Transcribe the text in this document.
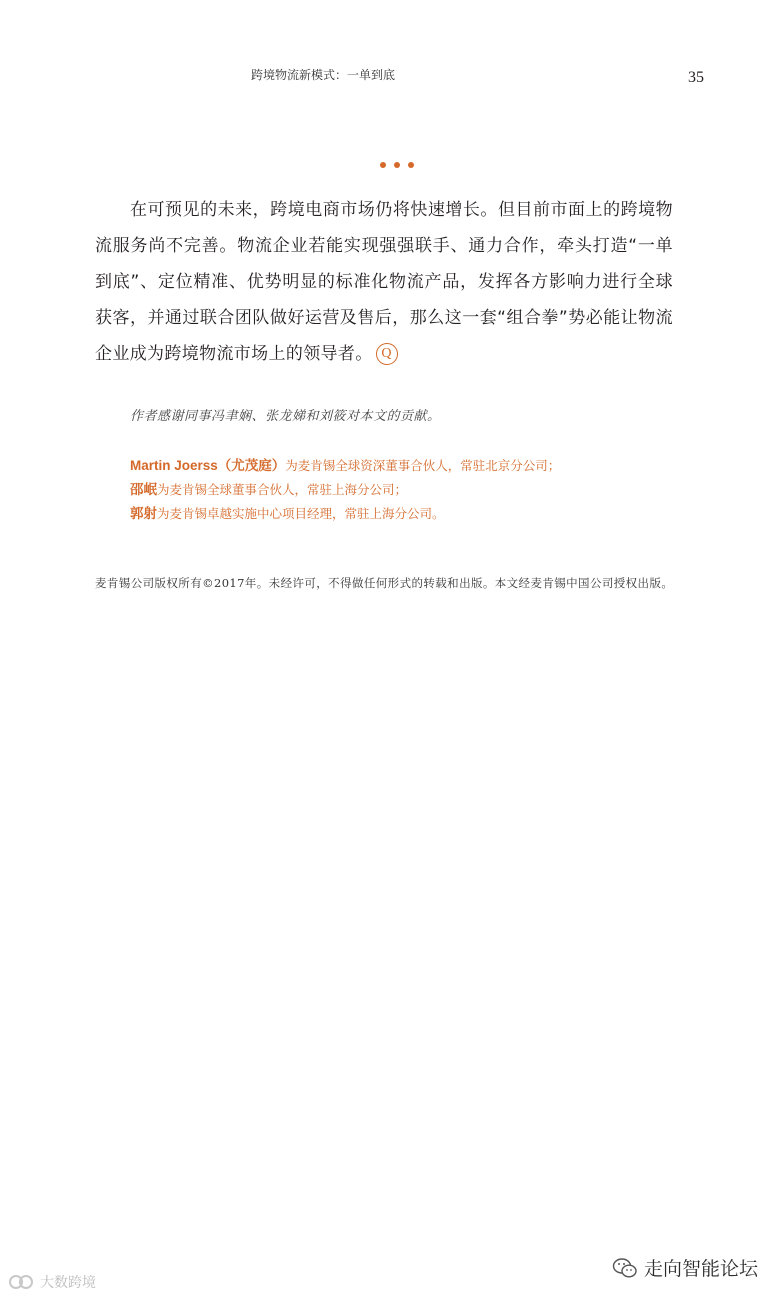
跨境物流新模式：一单到底	35
在可预见的未来，跨境电商市场仍将快速增长。但目前市面上的跨境物流服务尚不完善。物流企业若能实现强强联手、通力合作，牵头打造“一单到底”、定位精准、优势明显的标准化物流产品，发挥各方影响力进行全球获客，并通过联合团队做好运营及售后，那么这一套“组合拳”势必能让物流企业成为跨境物流市场上的领导者。 Q
作者感谢同事冯聿娴、张龙娣和刘筱对本文的贡献。
Martin Joerss（尤茂庭）为麦肯锡全球资深董事合伙人，常驻北京分公司；
邵岷为麦肯锡全球董事合伙人，常驻上海分公司；
郭射为麦肯锡卓越实施中心项目经理，常驻上海分公司。
麦肯锡公司版权所有©2017年。未经许可，不得做任何形式的转载和出版。本文经麦肯锡中国公司授权出版。
大数跨境
走向智能论坛
